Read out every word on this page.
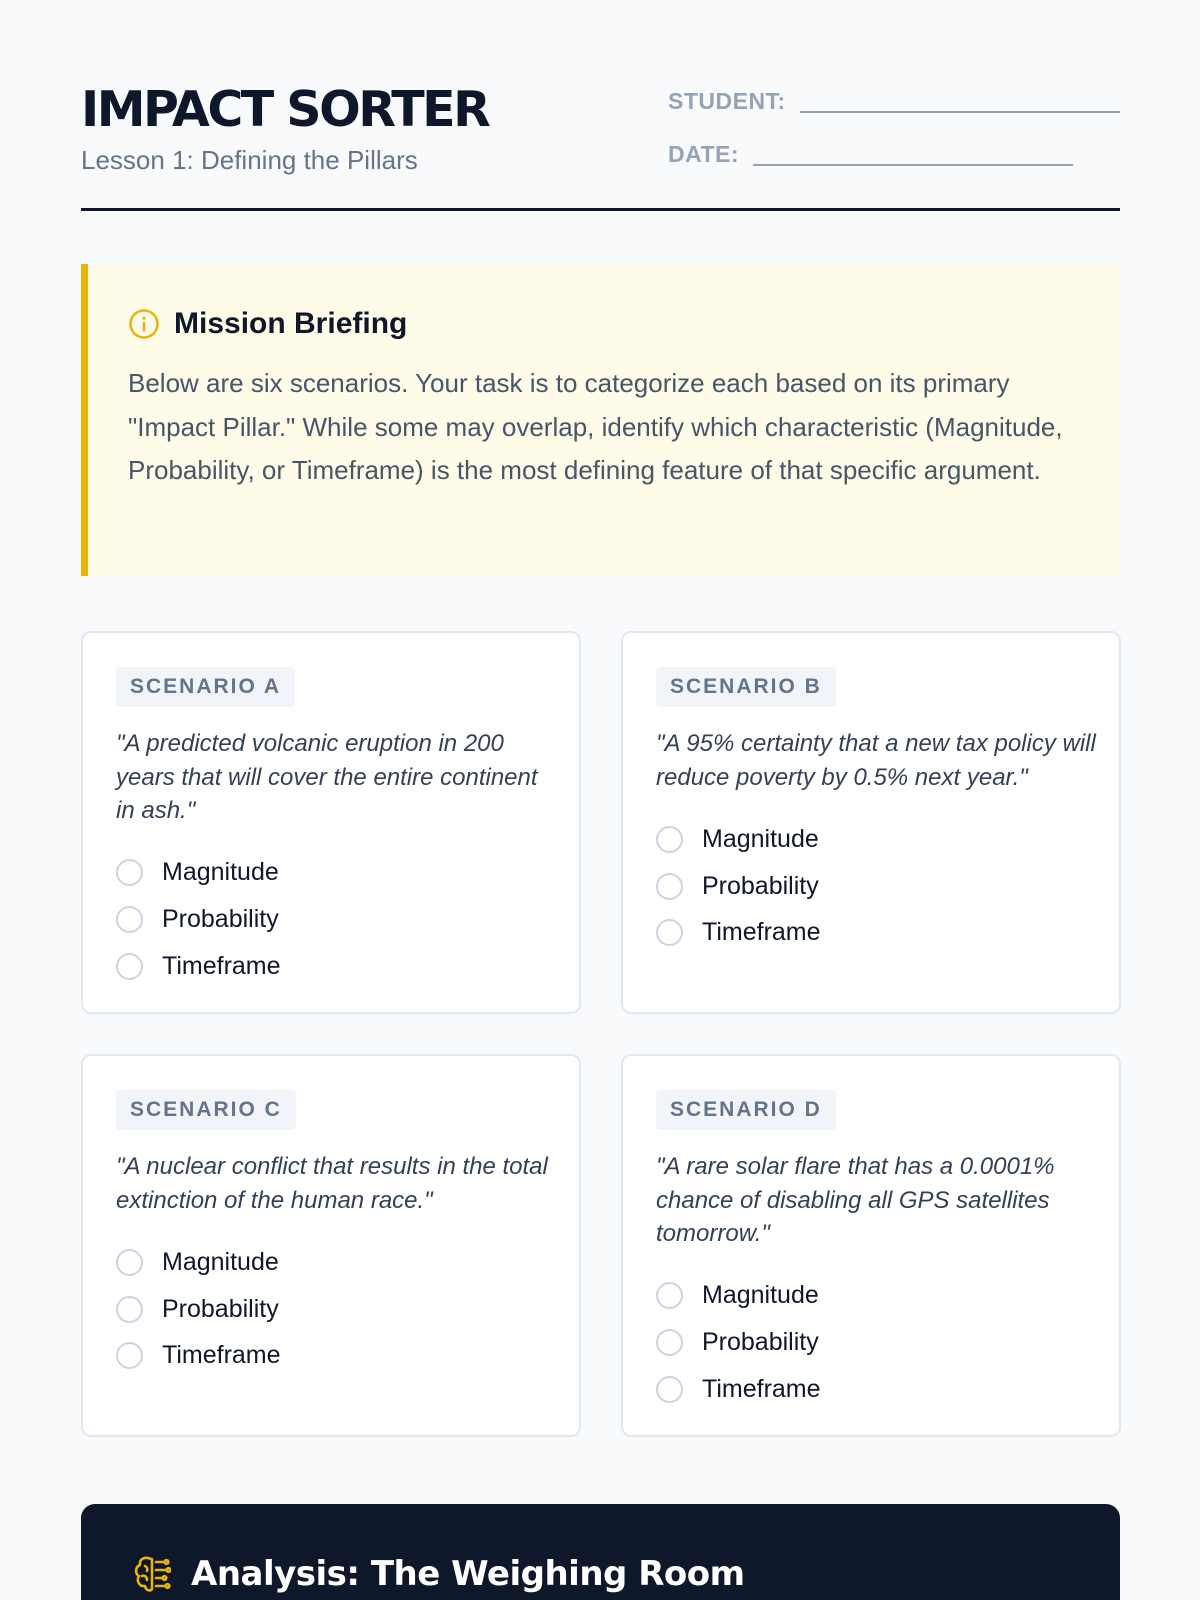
IMPACT SORTER
Lesson 1: Defining the Pillars
STUDENT:
DATE:
Mission Briefing

Below are six scenarios. Your task is to categorize each based on its primary "Impact Pillar." While some may overlap, identify which characteristic (Magnitude, Probability, or Timeframe) is the most defining feature of that specific argument.

SCENARIO A

"A predicted volcanic eruption in 200 years that will cover the entire continent in ash."

Magnitude
Probability
Timeframe
SCENARIO B

"A 95% certainty that a new tax policy will reduce poverty by 0.5% next year."

Magnitude
Probability
Timeframe
SCENARIO C

"A nuclear conflict that results in the total extinction of the human race."

Magnitude
Probability
Timeframe
SCENARIO D

"A rare solar flare that has a 0.0001% chance of disabling all GPS satellites tomorrow."

Magnitude
Probability
Timeframe
Analysis: The Weighing Room
